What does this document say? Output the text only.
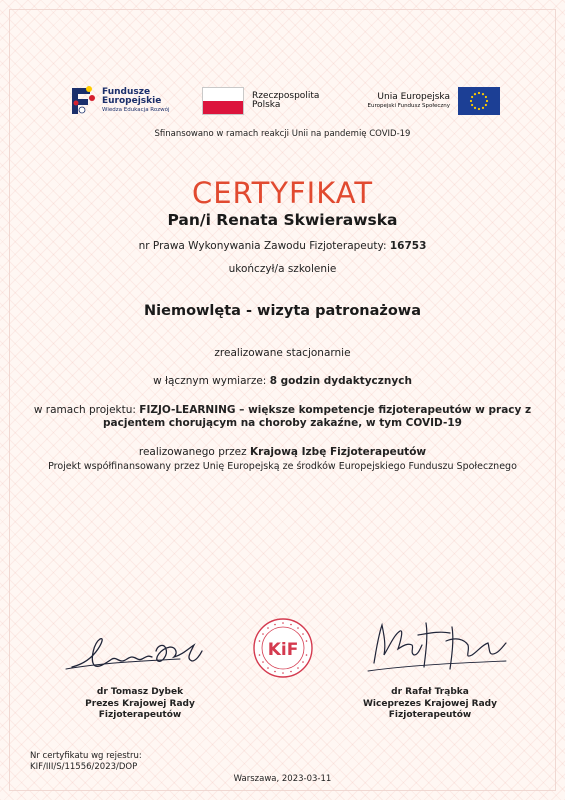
Fundusze
Europejskie
Wiedza Edukacja Rozwój
Rzeczpospolita
Polska
Unia Europejska
Europejski Fundusz Społeczny
Sfinansowano w ramach reakcji Unii na pandemię COVID-19
CERTYFIKAT
Pan/i Renata Skwierawska
nr Prawa Wykonywania Zawodu Fizjoterapeuty: 16753
ukończył/a szkolenie
Niemowlęta - wizyta patronażowa
zrealizowane stacjonarnie
w łącznym wymiarze: 8 godzin dydaktycznych
w ramach projektu: FIZJO-LEARNING – większe kompetencje fizjoterapeutów w pracy z pacjentem chorującym na choroby zakaźne, w tym COVID-19
realizowanego przez Krajową Izbę Fizjoterapeutów
Projekt współfinansowany przez Unię Europejską ze środków Europejskiego Funduszu Społecznego
KiF
dr Tomasz Dybek
Prezes Krajowej Rady
Fizjoterapeutów
dr Rafał Trąbka
Wiceprezes Krajowej Rady
Fizjoterapeutów
Nr certyfikatu wg rejestru:
KIF/III/S/11556/2023/DOP
Warszawa, 2023-03-11
